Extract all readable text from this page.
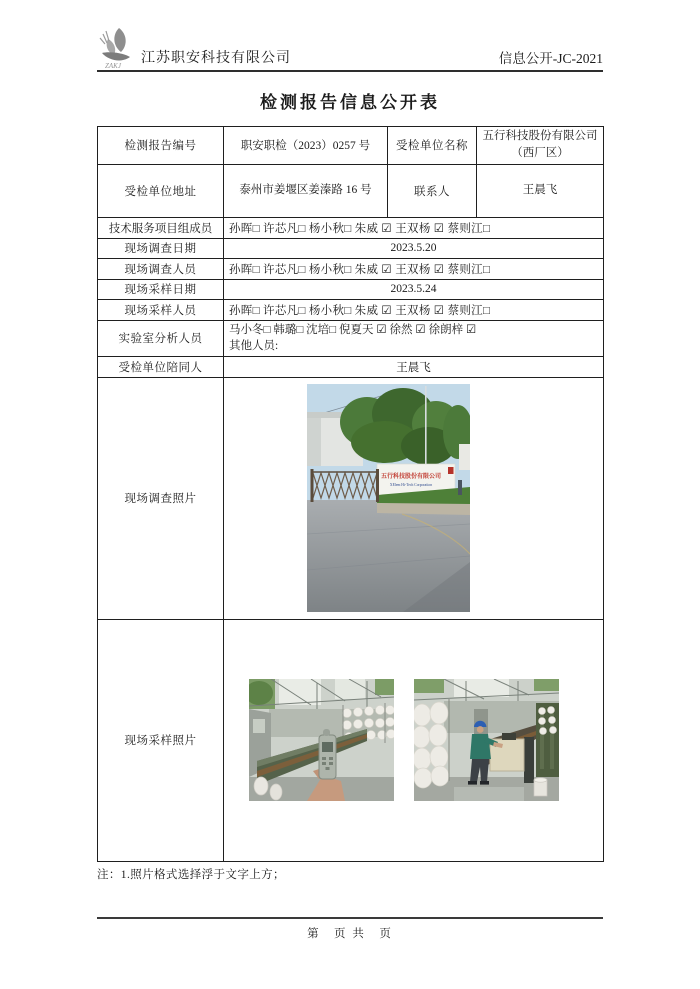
ZAKJ 江苏职安科技有限公司	信息公开-JC-2021
检测报告信息公开表
检测报告编号	职安职检（2023）0257 号	受检单位名称	五行科技股份有限公司（西厂区）
受检单位地址	泰州市姜堰区姜溱路 16 号	联系人	王晨飞
技术服务项目组成员	孙晖□ 许芯凡□ 杨小秋□ 朱威 ☑ 王双杨 ☑ 蔡则江□		
现场调查日期	2023.5.20		
现场调查人员	孙晖□ 许芯凡□ 杨小秋□ 朱威 ☑ 王双杨 ☑ 蔡则江□		
现场采样日期	2023.5.24		
现场采样人员	孙晖□ 许芯凡□ 杨小秋□ 朱威 ☑ 王双杨 ☑ 蔡则江□		
实验室分析人员	马小冬□ 韩璐□ 沈培□ 倪夏天 ☑ 徐然 ☑ 徐朗梓 ☑
其他人员:		

受检单位陪同人	王晨飞		
现场调查照片	五行科技股份有限公司
XElem Hi-Tech Corporation		

现场采样照片	
注：1.照片格式选择浮于文字上方；
第　页 共　页
